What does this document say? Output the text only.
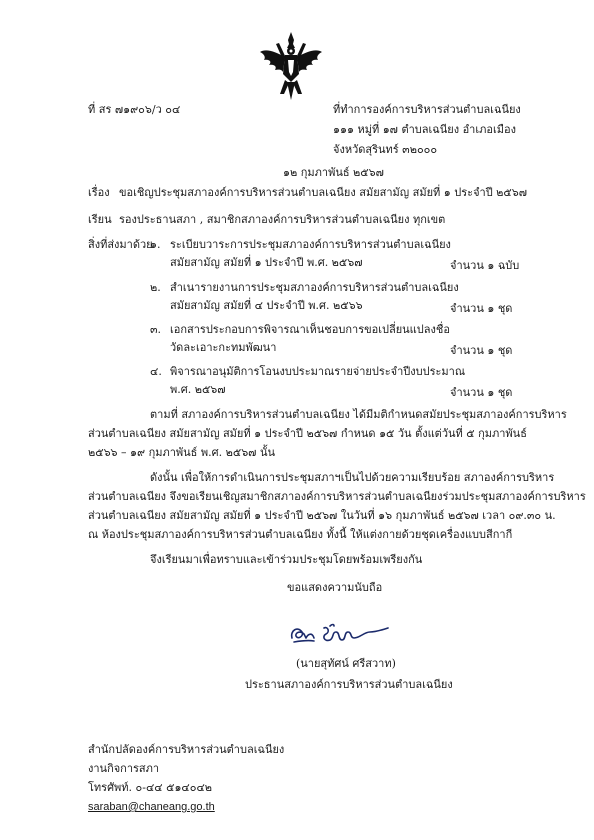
ที่ สร ๗๑๙๐๖/ว ๐๔	ที่ทำการองค์การบริหารส่วนตำบลเฉนียง
๑๑๑ หมู่ที่ ๑๗ ตำบลเฉนียง อำเภอเมือง
จังหวัดสุรินทร์ ๓๒๐๐๐
๑๒ กุมภาพันธ์ ๒๕๖๗
เรื่อง ขอเชิญประชุมสภาองค์การบริหารส่วนตำบลเฉนียง สมัยสามัญ สมัยที่ ๑ ประจำปี ๒๕๖๗
เรียน รองประธานสภา , สมาชิกสภาองค์การบริหารส่วนตำบลเฉนียง ทุกเขต
สิ่งที่ส่งมาด้วย
๑. ระเบียบวาระการประชุมสภาองค์การบริหารส่วนตำบลเฉนียง
สมัยสามัญ สมัยที่ ๑ ประจำปี พ.ศ. ๒๕๖๗	จำนวน ๑ ฉบับ
๒. สำเนารายงานการประชุมสภาองค์การบริหารส่วนตำบลเฉนียง
สมัยสามัญ สมัยที่ ๔ ประจำปี พ.ศ. ๒๕๖๖	จำนวน ๑ ชุด
๓. เอกสารประกอบการพิจารณาเห็นชอบการขอเปลี่ยนแปลงชื่อ
วัดละเอาะกะทมพัฒนา	จำนวน ๑ ชุด
๔. พิจารณาอนุมัติการโอนงบประมาณรายจ่ายประจำปีงบประมาณ
พ.ศ. ๒๕๖๗	จำนวน ๑ ชุด
ตามที่ สภาองค์การบริหารส่วนตำบลเฉนียง ได้มีมติกำหนดสมัยประชุมสภาองค์การบริหาร
ส่วนตำบลเฉนียง สมัยสามัญ สมัยที่ ๑ ประจำปี ๒๕๖๗ กำหนด ๑๕ วัน ตั้งแต่วันที่ ๕ กุมภาพันธ์
๒๕๖๖ – ๑๙ กุมภาพันธ์ พ.ศ. ๒๕๖๗ นั้น
ดังนั้น เพื่อให้การดำเนินการประชุมสภาฯเป็นไปด้วยความเรียบร้อย สภาองค์การบริหาร
ส่วนตำบลเฉนียง จึงขอเรียนเชิญสมาชิกสภาองค์การบริหารส่วนตำบลเฉนียงร่วมประชุมสภาองค์การบริหาร
ส่วนตำบลเฉนียง สมัยสามัญ สมัยที่ ๑ ประจำปี ๒๕๖๗ ในวันที่ ๑๖ กุมภาพันธ์ ๒๕๖๗ เวลา ๐๙.๓๐ น.
ณ ห้องประชุมสภาองค์การบริหารส่วนตำบลเฉนียง ทั้งนี้ ให้แต่งกายด้วยชุดเครื่องแบบสีกากี
จึงเรียนมาเพื่อทราบและเข้าร่วมประชุมโดยพร้อมเพรียงกัน
ขอแสดงความนับถือ
(นายสุทัศน์ ศรีสวาท)
ประธานสภาองค์การบริหารส่วนตำบลเฉนียง
สำนักปลัดองค์การบริหารส่วนตำบลเฉนียง
งานกิจการสภา
โทรศัพท์. ๐-๔๔ ๕๑๔๐๔๒
saraban@chaneang.go.th
